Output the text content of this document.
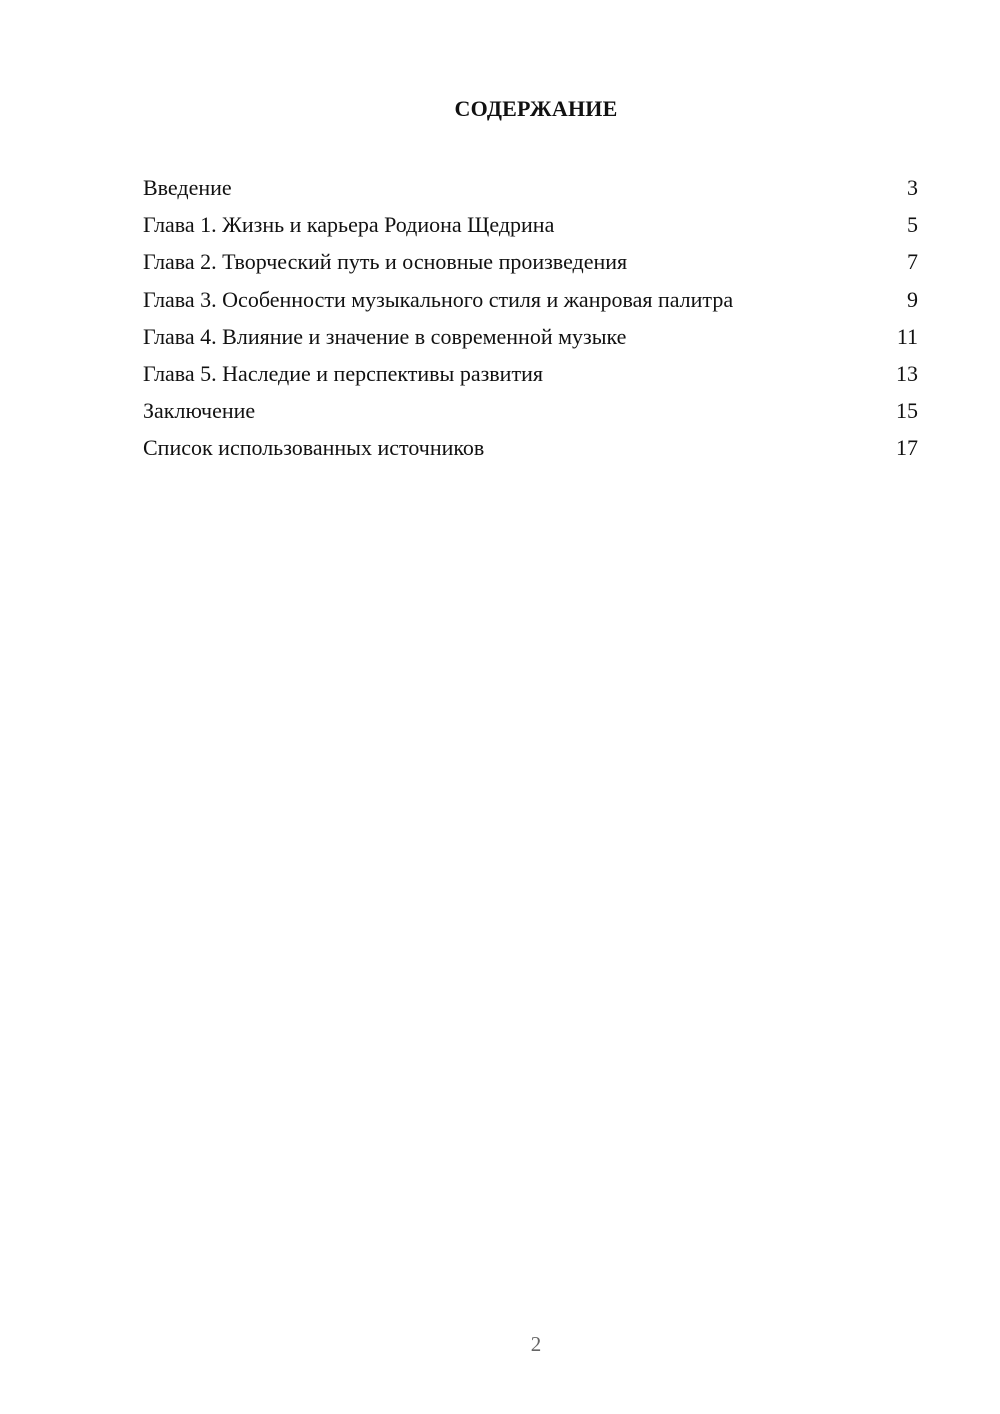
СОДЕРЖАНИЕ
Введение	3
Глава 1. Жизнь и карьера Родиона Щедрина	5
Глава 2. Творческий путь и основные произведения	7
Глава 3. Особенности музыкального стиля и жанровая палитра	9
Глава 4. Влияние и значение в современной музыке	11
Глава 5. Наследие и перспективы развития	13
Заключение	15
Список использованных источников	17
2
